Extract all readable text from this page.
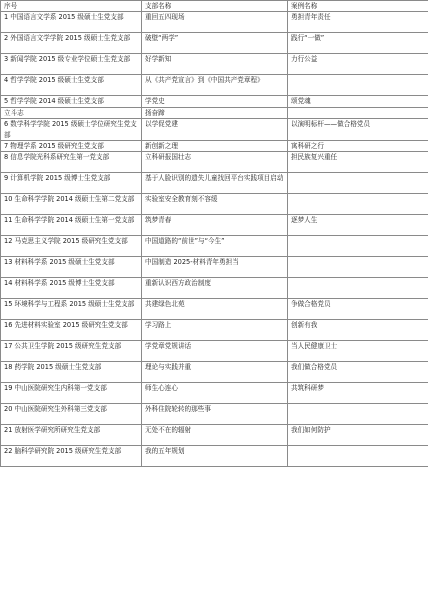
序号	支部名称	案例名称
1 中国语言文学系 2015 级硕士生党支部	重回五四现场	勇担青年责任
2 外国语言文学学院 2015 级硕士生党支部	破壁“两学”	践行“一做”
3 新闻学院 2015 级专业学位硕士生党支部	好学新知	力行公益
4 哲学学院 2015 级硕士生党支部	从《共产党宣言》到《中国共产党章程》	
5 哲学学院 2014 级硕士生党支部	学党史	颂党魂
立斗志	扬奋蹄	
6 数学科学学院 2015 级硕士学位研究生党支部	以学促党建	以演明标杆——做合格党员
7 物理学系 2015 级研究生党支部	新创新之理	寓科研之行
8 信息学院光科系研究生第一党支部	立科研报国壮志	担民族复兴重任
9 计算机学院 2015 级博士生党支部	基于人脸识别的遗失儿童找回平台实践项目启动	
10 生命科学学院 2014 级硕士生第二党支部	实验室安全教育刻不容缓	
11 生命科学学院 2014 级硕士生第一党支部	筑梦青春	逐梦人生
12 马克思主义学院 2015 级研究生党支部	中国道路的“前世”与“今生”	
13 材料科学系 2015 级硕士生党支部	中国制造 2025-材料青年勇担当	
14 材料科学系 2015 级博士生党支部	重新认识西方政治制度	
15 环境科学与工程系 2015 级硕士生党支部	共建绿色北苑	争做合格党员
16 先进材料实验室 2015 级研究生党支部	学习路上	创新有我
17 公共卫生学院 2015 级研究生党支部	学党章党规讲话	当人民健康卫士
18 药学院 2015 级硕士生党支部	理论与实践并重	我们做合格党员
19 中山医院研究生内科第一党支部	师生心连心	共筑科研梦
20 中山医院研究生外科第三党支部	外科住院轮转的那些事	
21 放射医学研究所研究生党支部	无处不在的辐射	我们如何防护
22 脑科学研究院 2015 级研究生党支部	我的五年规划	
